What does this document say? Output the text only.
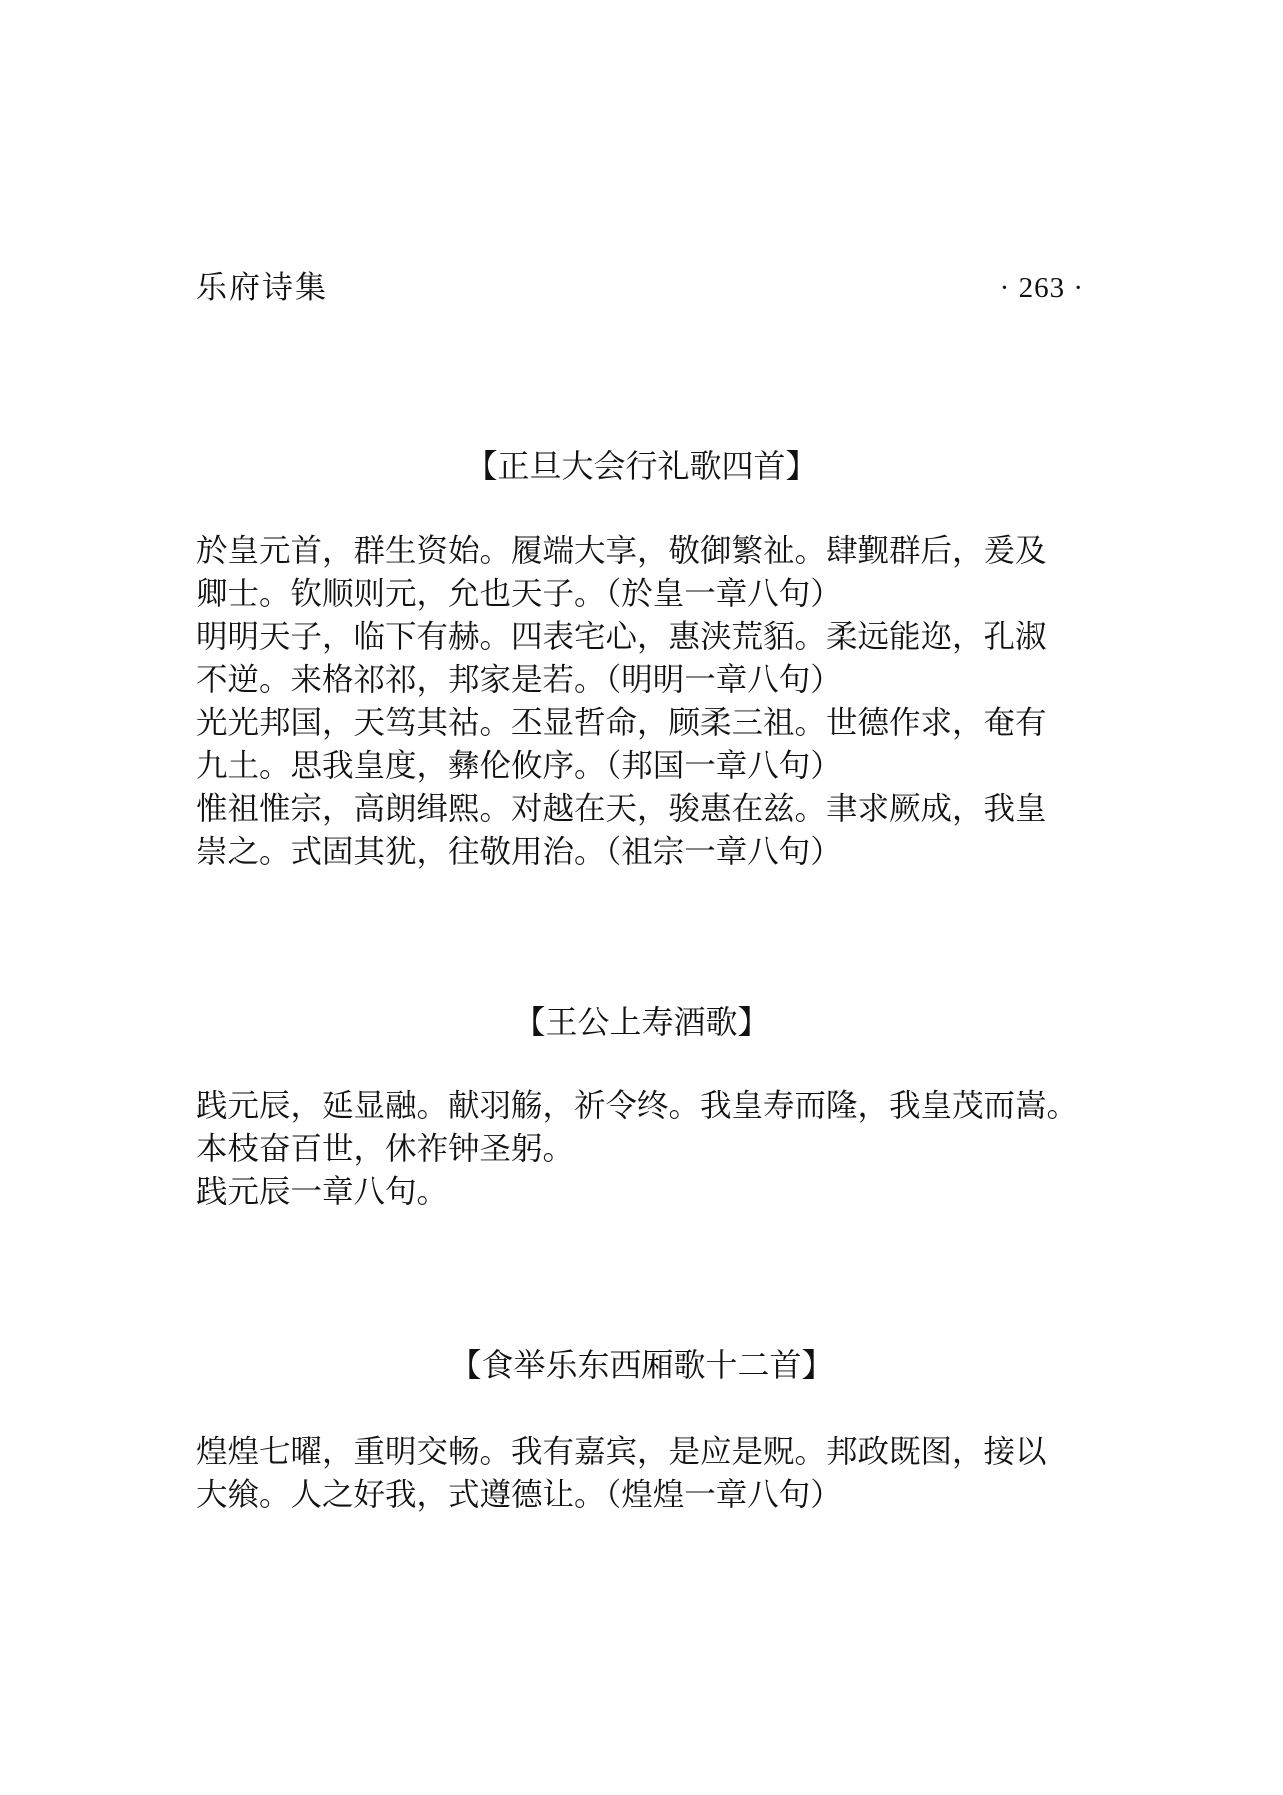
乐府诗集	· 263 ·
【正旦大会行礼歌四首】
於皇元首，群生资始。履端大享，敬御繁祉。肆觐群后，爰及
卿士。钦顺则元，允也天子。（於皇一章八句）
明明天子，临下有赫。四表宅心，惠浃荒貊。柔远能迩，孔淑
不逆。来格祁祁，邦家是若。（明明一章八句）
光光邦国，天笃其祜。丕显哲命，顾柔三祖。世德作求，奄有
九土。思我皇度，彝伦攸序。（邦国一章八句）
惟祖惟宗，高朗缉熙。对越在天，骏惠在兹。聿求厥成，我皇
崇之。式固其犹，往敬用治。（祖宗一章八句）
【王公上寿酒歌】
践元辰，延显融。献羽觞，祈令终。我皇寿而隆，我皇茂而嵩。
本枝奋百世，休祚钟圣躬。
践元辰一章八句。
【食举乐东西厢歌十二首】
煌煌七曜，重明交畅。我有嘉宾，是应是贶。邦政既图，接以
大飨。人之好我，式遵德让。（煌煌一章八句）
